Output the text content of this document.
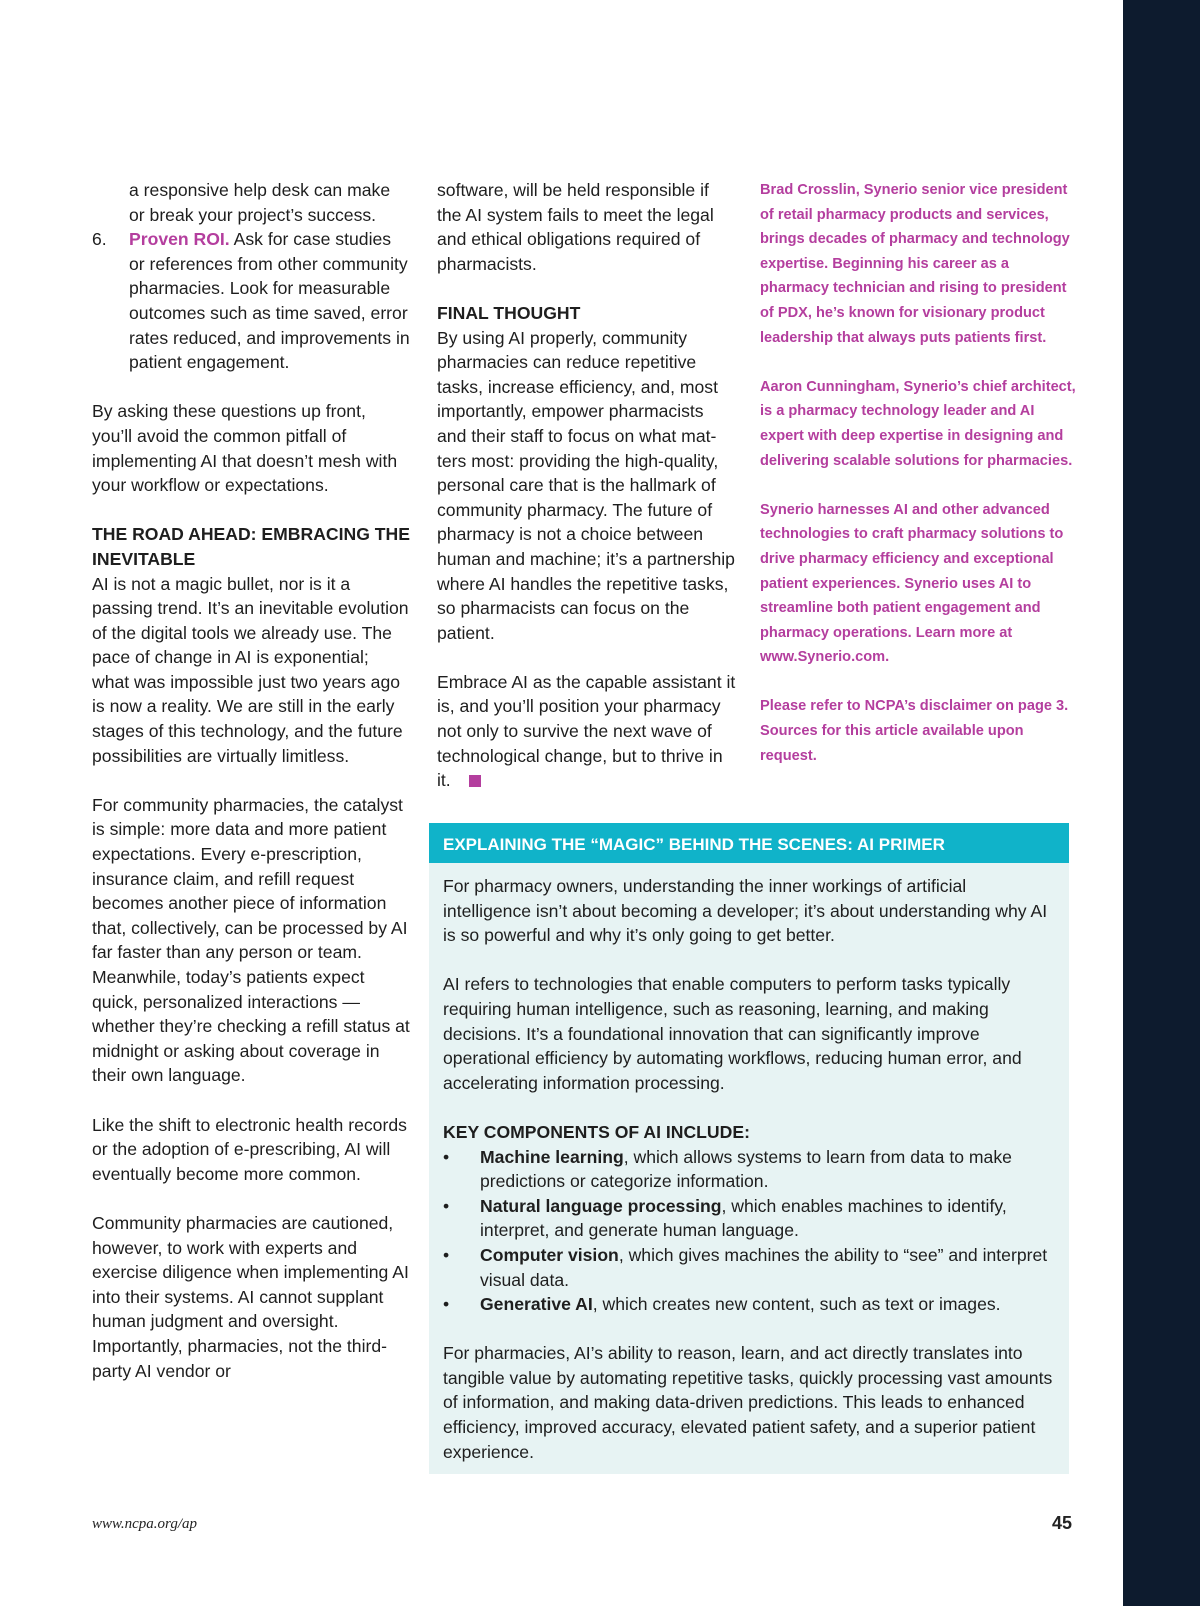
a responsive help desk can make or break your project’s success.

6. Proven ROI. Ask for case studies or references from other community pharmacies. Look for measurable outcomes such as time saved, error rates reduced, and improvements in patient engagement.

By asking these questions up front, you’ll avoid the common pitfall of implementing AI that doesn’t mesh with your workflow or expectations.

THE ROAD AHEAD: EMBRACING THE INEVITABLE

AI is not a magic bullet, nor is it a passing trend. It’s an inevitable evolution of the digital tools we already use. The pace of change in AI is exponential; what was impossible just two years ago is now a reality. We are still in the early stages of this technology, and the future possibilities are virtually limitless.

For community pharmacies, the catalyst is simple: more data and more patient expectations. Every e-prescription, insurance claim, and refill request becomes another piece of information that, collectively, can be processed by AI far faster than any person or team. Meanwhile, today’s patients expect quick, personalized interactions — whether they’re checking a refill status at midnight or asking about coverage in their own language.

Like the shift to electronic health records or the adoption of e-prescribing, AI will eventually become more common.

Community pharmacies are cautioned, however, to work with experts and exercise diligence when implementing AI into their systems. AI cannot supplant human judgment and oversight. Importantly, pharmacies, not the third-party AI vendor or

software, will be held responsible if the AI system fails to meet the legal and ethical obligations required of pharmacists.

FINAL THOUGHT

By using AI properly, community pharmacies can reduce repetitive tasks, increase efficiency, and, most importantly, empower pharmacists and their staff to focus on what matters most: providing the high-quality, personal care that is the hallmark of community pharmacy. The future of pharmacy is not a choice between human and machine; it’s a partnership where AI handles the repetitive tasks, so pharmacists can focus on the patient.

Embrace AI as the capable assistant it is, and you’ll position your pharmacy not only to survive the next wave of technological change, but to thrive in it.

Brad Crosslin, Synerio senior vice president of retail pharmacy products and services, brings decades of pharmacy and technology expertise. Beginning his career as a pharmacy technician and rising to president of PDX, he’s known for visionary product leadership that always puts patients first.

Aaron Cunningham, Synerio’s chief architect, is a pharmacy technology leader and AI expert with deep expertise in designing and delivering scalable solutions for pharmacies.

Synerio harnesses AI and other advanced technologies to craft pharmacy solutions to drive pharmacy efficiency and exceptional patient experiences. Synerio uses AI to streamline both patient engagement and pharmacy operations. Learn more at www.Synerio.com.

Please refer to NCPA’s disclaimer on page 3. Sources for this article available upon request.

EXPLAINING THE “MAGIC” BEHIND THE SCENES: AI PRIMER

For pharmacy owners, understanding the inner workings of artificial intelligence isn’t about becoming a developer; it’s about understanding why AI is so powerful and why it’s only going to get better.

AI refers to technologies that enable computers to perform tasks typically requiring human intelligence, such as reasoning, learning, and making decisions. It’s a foundational innovation that can significantly improve operational efficiency by automating workflows, reducing human error, and accelerating information processing.

KEY COMPONENTS OF AI INCLUDE:

• Machine learning, which allows systems to learn from data to make predictions or categorize information.

• Natural language processing, which enables machines to identify, interpret, and generate human language.

• Computer vision, which gives machines the ability to “see” and interpret visual data.

• Generative AI, which creates new content, such as text or images.

For pharmacies, AI’s ability to reason, learn, and act directly translates into tangible value by automating repetitive tasks, quickly processing vast amounts of information, and making data-driven predictions. This leads to enhanced efficiency, improved accuracy, elevated patient safety, and a superior patient experience.

www.ncpa.org/ap	45
